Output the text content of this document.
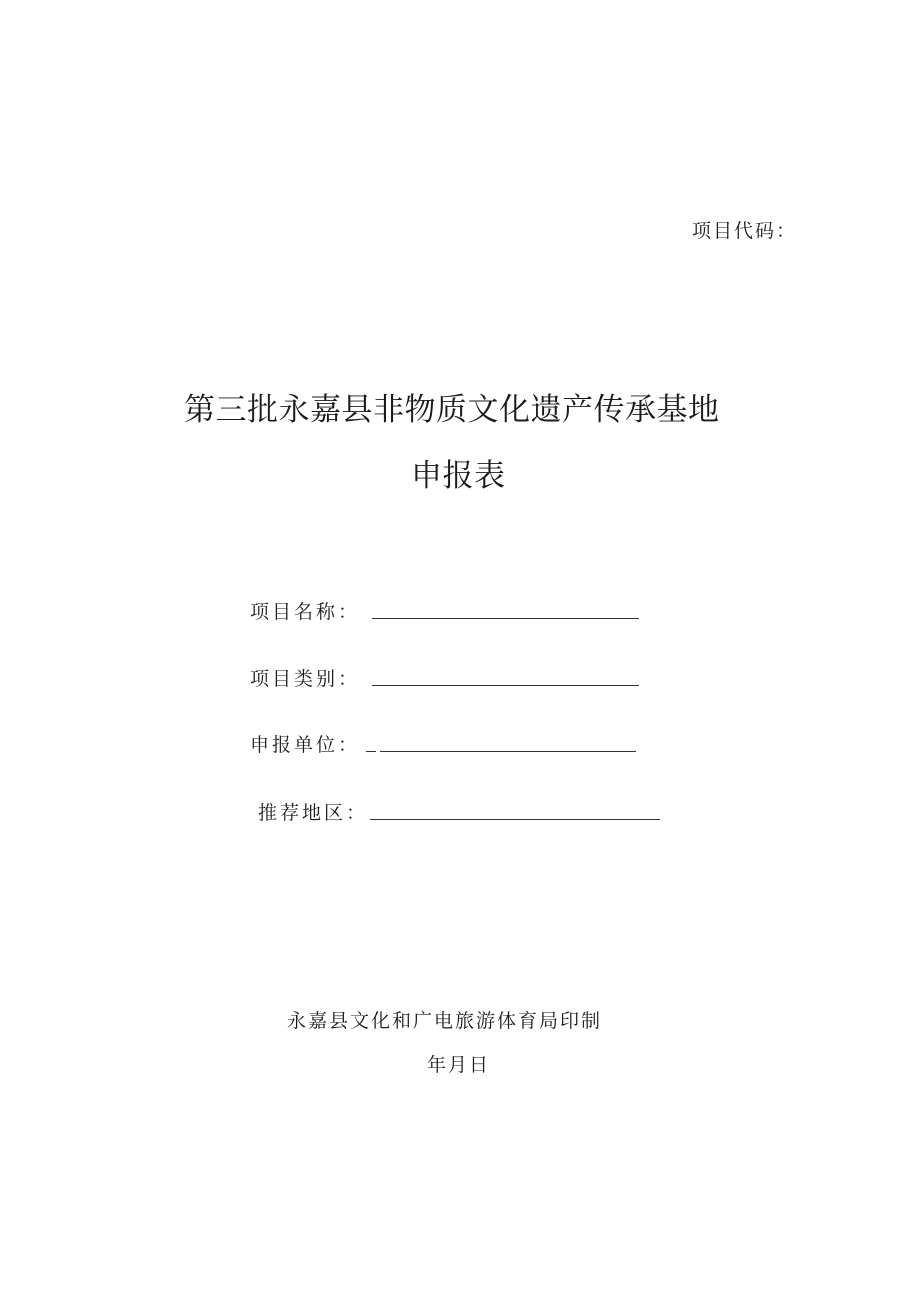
项目代码：
第三批永嘉县非物质文化遗产传承基地
申报表
项目名称：
项目类别：
申报单位：
推荐地区：
永嘉县文化和广电旅游体育局印制
年月日
